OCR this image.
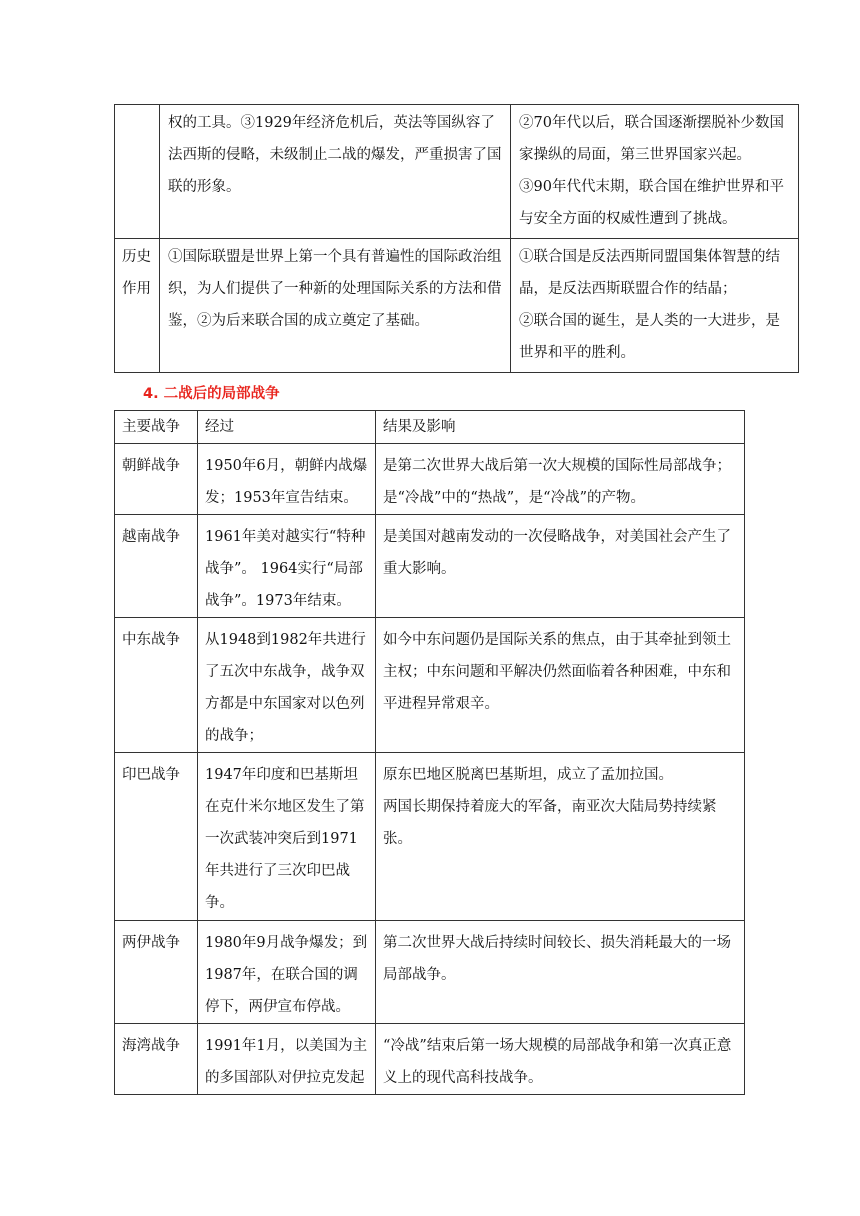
	权的工具。③1929年经济危机后，英法等国纵容了法西斯的侵略，未级制止二战的爆发，严重损害了国联的形象。	②70年代以后，联合国逐渐摆脱补少数国家操纵的局面，第三世界国家兴起。
③90年代代末期，联合国在维护世界和平与安全方面的权威性遭到了挑战。

历史作用	①国际联盟是世界上第一个具有普遍性的国际政治组织，为人们提供了一种新的处理国际关系的方法和借鉴，②为后来联合国的成立奠定了基础。	①联合国是反法西斯同盟国集体智慧的结晶，是反法西斯联盟合作的结晶；
②联合国的诞生，是人类的一大进步，是世界和平的胜利。
4. 二战后的局部战争
主要战争	经过	结果及影响
朝鲜战争	1950年6月，朝鲜内战爆发；1953年宣告结束。	是第二次世界大战后第一次大规模的国际性局部战争；是“冷战”中的“热战”，是“冷战”的产物。

越南战争	1961年美对越实行“特种战争”。 1964实行“局部战争”。1973年结束。	是美国对越南发动的一次侵略战争，对美国社会产生了重大影响。

中东战争	从1948到1982年共进行了五次中东战争，战争双方都是中东国家对以色列的战争；	如今中东问题仍是国际关系的焦点，由于其牵扯到领土主权；中东问题和平解决仍然面临着各种困难，中东和平进程异常艰辛。

印巴战争	1947年印度和巴基斯坦在克什米尔地区发生了第一次武装冲突后到1971年共进行了三次印巴战争。	原东巴地区脱离巴基斯坦，成立了孟加拉国。
两国长期保持着庞大的军备，南亚次大陆局势持续紧张。

两伊战争	1980年9月战争爆发；到1987年，在联合国的调停下，两伊宣布停战。	第二次世界大战后持续时间较长、损失消耗最大的一场局部战争。

海湾战争	1991年1月，以美国为主的多国部队对伊拉克发起	“冷战”结束后第一场大规模的局部战争和第一次真正意义上的现代高科技战争。
